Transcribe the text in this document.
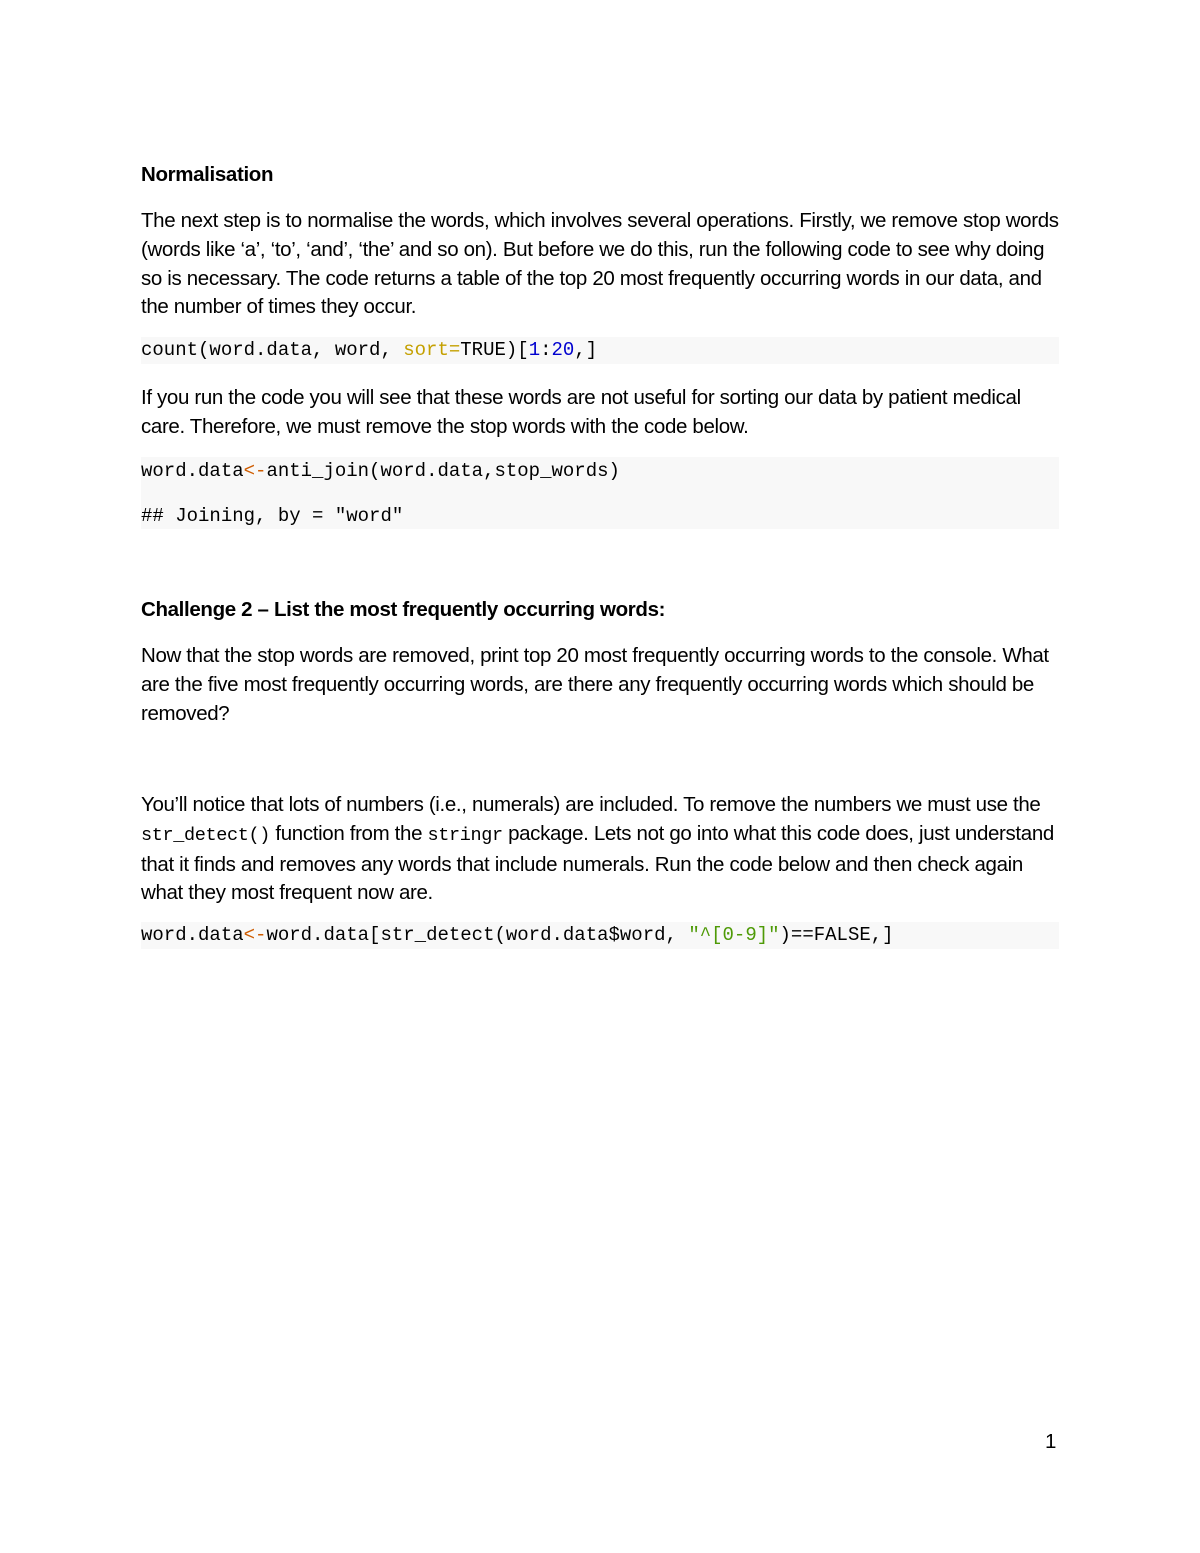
Normalisation
The next step is to normalise the words, which involves several operations. Firstly, we remove stop words (words like ‘a’, ‘to’, ‘and’, ‘the’ and so on). But before we do this, run the following code to see why doing so is necessary. The code returns a table of the top 20 most frequently occurring words in our data, and the number of times they occur.
count(word.data, word, sort=TRUE)[1:20,]
If you run the code you will see that these words are not useful for sorting our data by patient medical care. Therefore, we must remove the stop words with the code below.
word.data<-anti_join(word.data,stop_words)
## Joining, by = "word"
Challenge 2 – List the most frequently occurring words:
Now that the stop words are removed, print top 20 most frequently occurring words to the console. What are the five most frequently occurring words, are there any frequently occurring words which should be removed?
You’ll notice that lots of numbers (i.e., numerals) are included. To remove the numbers we must use the str_detect() function from the stringr package. Lets not go into what this code does, just understand that it finds and removes any words that include numerals. Run the code below and then check again what they most frequent now are.
word.data<-word.data[str_detect(word.data$word, "^[0-9]")==FALSE,]
1
